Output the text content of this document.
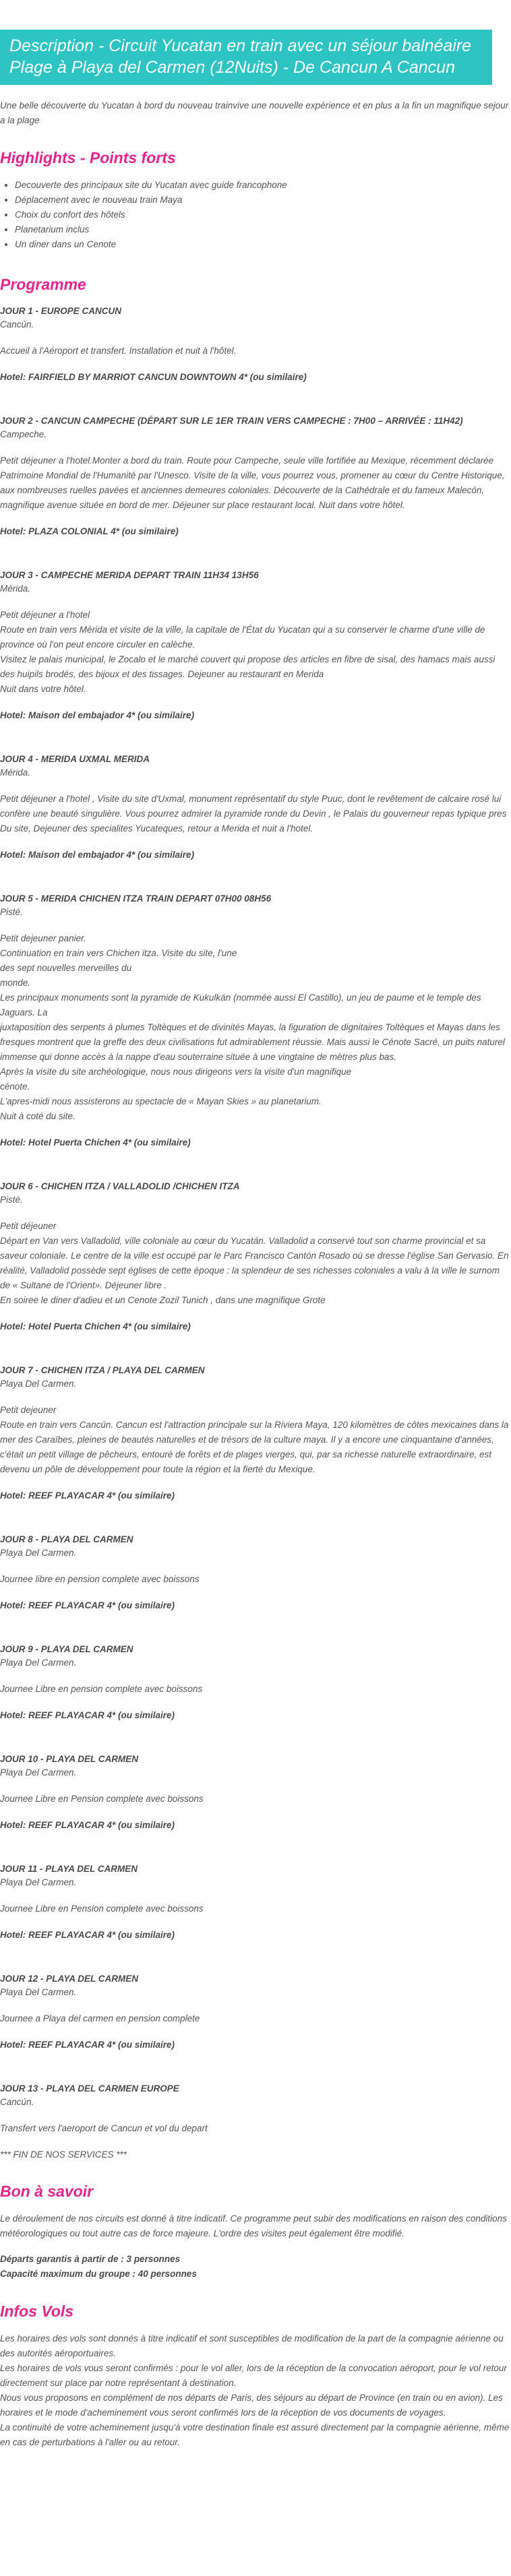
Description - Circuit Yucatan en train avec un séjour balnéaire Plage à Playa del Carmen (12Nuits) - De Cancun A Cancun
Une belle découverte du Yucatan à bord du nouveau trainvive une nouvelle expérience et en plus a la fin un magnifique sejour a la plage
Highlights - Points forts
• Decouverte des principaux site du Yucatan avec guide francophone
• Déplacement avec le nouveau train Maya
• Choix du confort des hôtels
• Planetarium inclus
• Un diner dans un Cenote
Programme

JOUR 1 - EUROPE CANCUN

Cancún.

Accueil à l'Aéroport et transfert. Installation et nuit à l'hôtel.

Hotel: FAIRFIELD BY MARRIOT CANCUN DOWNTOWN 4* (ou similaire)

JOUR 2 - CANCUN CAMPECHE (DÉPART SUR LE 1ER TRAIN VERS CAMPECHE : 7H00 – ARRIVÉE : 11H42)

Campeche.

Petit déjeuner a l'hotel.Monter a bord du train. Route pour Campeche, seule ville fortifiée au Mexique, récemment déclarée Patrimoine Mondial de l'Humanité par l'Unesco. Visite de la ville, vous pourrez vous, promener au cœur du Centre Historique, aux nombreuses ruelles pavées et anciennes demeures coloniales. Découverte de la Cathédrale et du fameux Malecón, magnifique avenue située en bord de mer. Déjeuner sur place restaurant local. Nuit dans votre hôtel.

Hotel: PLAZA COLONIAL 4* (ou similaire)

JOUR 3 - CAMPECHE MERIDA DEPART TRAIN 11H34 13H56

Mérida.

Petit déjeuner a l'hotel
Route en train vers Mérida et visite de la ville, la capitale de l'État du Yucatan qui a su conserver le charme d'une ville de province où l'on peut encore circuler en calèche.
Visitez le palais municipal, le Zocalo et le marché couvert qui propose des articles en fibre de sisal, des hamacs mais aussi des huipils brodés, des bijoux et des tissages. Dejeuner au restaurant en Merida
Nuit dans votre hôtel.

Hotel: Maison del embajador 4* (ou similaire)

JOUR 4 - MERIDA UXMAL MERIDA

Mérida.

Petit déjeuner a l'hotel , Visite du site d'Uxmal, monument représentatif du style Puuc, dont le revêtement de calcaire rosé lui confère une beauté singulière. Vous pourrez admirer la pyramide ronde du Devin , le Palais du gouverneur repas typique pres
Du site, Dejeuner des specialites Yucateques, retour a Merida et nuit a l'hotel.

Hotel: Maison del embajador 4* (ou similaire)

JOUR 5 - MERIDA CHICHEN ITZA TRAIN DEPART 07H00 08H56

Pisté.

Petit dejeuner panier.
Continuation en train vers Chichen itza. Visite du site, l'une
des sept nouvelles merveilles du
monde.
Les principaux monuments sont la pyramide de Kukulkán (nommée aussi El Castillo), un jeu de paume et le temple des Jaguars. La
juxtaposition des serpents à plumes Toltèques et de divinités Mayas, la figuration de dignitaires Toltèques et Mayas dans les fresques montrent que la greffe des deux civilisations fut admirablement réussie. Mais aussi le Cénote Sacré, un puits naturel immense qui donne accès à la nappe d'eau souterraine située à une vingtaine de mètres plus bas.
Après la visite du site archéologique, nous nous dirigeons vers la visite d'un magnifique
cénote.
L'apres-midi nous assisterons au spectacle de « Mayan Skies » au planetarium.
Nuit à coté du site.

Hotel: Hotel Puerta Chichen 4* (ou similaire)

JOUR 6 - CHICHEN ITZA / VALLADOLID /CHICHEN ITZA

Pisté.

Petit déjeuner
Départ en Van vers Valladolid, ville coloniale au cœur du Yucatán. Valladolid a conservé tout son charme provincial et sa saveur coloniale. Le centre de la ville est occupé par le Parc Francisco Cantón Rosado où se dresse l'église San Gervasio. En réalité, Valladolid possède sept églises de cette époque : la splendeur de ses richesses coloniales a valu à la ville le surnom de « Sultane de l'Orient». Déjeuner libre .
En soiree le diner d'adieu et un Cenote Zozil Tunich , dans une magnifique Grote

Hotel: Hotel Puerta Chichen 4* (ou similaire)

JOUR 7 - CHICHEN ITZA / PLAYA DEL CARMEN

Playa Del Carmen.

Petit dejeuner
Route en train vers Cancún. Cancun est l'attraction principale sur la Riviera Maya, 120 kilomètres de côtes mexicaines dans la mer des Caraïbes, pleines de beautés naturelles et de trésors de la culture maya. Il y a encore une cinquantaine d'années, c'était un petit village de pêcheurs, entouré de forêts et de plages vierges, qui, par sa richesse naturelle extraordinaire, est devenu un pôle de développement pour toute la région et la fierté du Mexique.

Hotel: REEF PLAYACAR 4* (ou similaire)

JOUR 8 - PLAYA DEL CARMEN

Playa Del Carmen.

Journee libre en pension complete avec boissons

Hotel: REEF PLAYACAR 4* (ou similaire)

JOUR 9 - PLAYA DEL CARMEN

Playa Del Carmen.

Journee Libre en pension complete avec boissons

Hotel: REEF PLAYACAR 4* (ou similaire)

JOUR 10 - PLAYA DEL CARMEN

Playa Del Carmen.

Journee Libre en Pension complete avec boissons

Hotel: REEF PLAYACAR 4* (ou similaire)

JOUR 11 - PLAYA DEL CARMEN

Playa Del Carmen.

Journee Libre en Pension complete avec boissons

Hotel: REEF PLAYACAR 4* (ou similaire)

JOUR 12 - PLAYA DEL CARMEN

Playa Del Carmen.

Journee a Playa del carmen en pension complete

Hotel: REEF PLAYACAR 4* (ou similaire)

JOUR 13 - PLAYA DEL CARMEN EUROPE

Cancún.

Transfert vers l'aeroport de Cancun et vol du depart

*** FIN DE NOS SERVICES ***

Bon à savoir

Le déroulement de nos circuits est donné à titre indicatif. Ce programme peut subir des modifications en raison des conditions météorologiques ou tout autre cas de force majeure. L'ordre des visites peut également être modifié.

Départs garantis à partir de : 3 personnes

Capacité maximum du groupe : 40 personnes

Infos Vols

Les horaires des vols sont donnés à titre indicatif et sont susceptibles de modification de la part de la compagnie aérienne ou des autorités aéroportuaires.
Les horaires de vols vous seront confirmés : pour le vol aller, lors de la réception de la convocation aéroport, pour le vol retour directement sur place par notre représentant à destination.
Nous vous proposons en complément de nos départs de Paris, des séjours au départ de Province (en train ou en avion). Les horaires et le mode d'acheminement vous seront confirmés lors de la réception de vos documents de voyages.
La continuité de votre acheminement jusqu'à votre destination finale est assuré directement par la compagnie aérienne, même en cas de perturbations à l'aller ou au retour.
